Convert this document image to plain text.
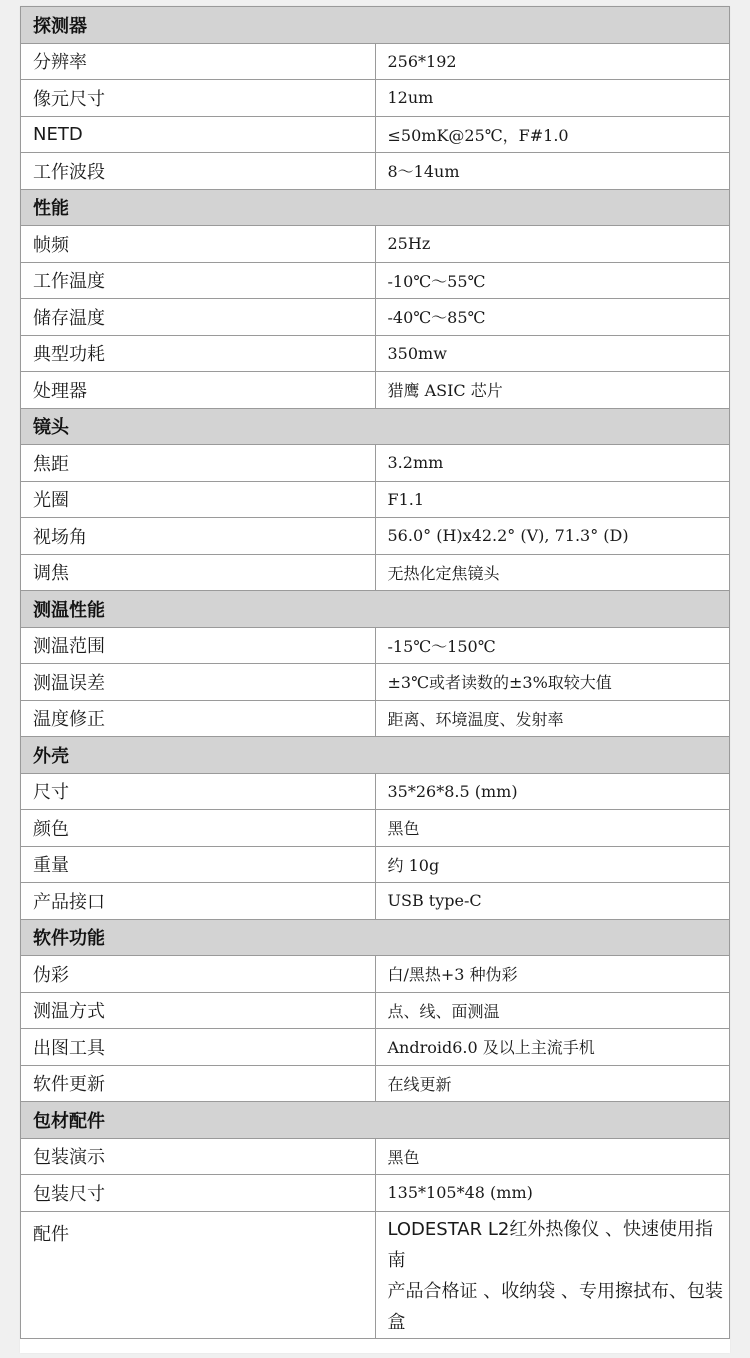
探测器	
分辨率	256*192
像元尺寸	12um
NETD	≤50mK@25℃，F#1.0
工作波段	8～14um
性能	
帧频	25Hz
工作温度	-10℃～55℃
储存温度	-40℃～85℃
典型功耗	350mw
处理器	猎鹰 ASIC 芯片
镜头	
焦距	3.2mm
光圈	F1.1
视场角	56.0° (H)x42.2° (V), 71.3° (D)
调焦	无热化定焦镜头
测温性能	
测温范围	-15℃～150℃
测温误差	±3℃或者读数的±3%取较大值
温度修正	距离、环境温度、发射率
外壳	
尺寸	35*26*8.5 (mm)
颜色	黑色
重量	约 10g
产品接口	USB type-C
软件功能	
伪彩	白/黑热+3 种伪彩
测温方式	点、线、面测温
出图工具	Android6.0 及以上主流手机
软件更新	在线更新
包材配件	
包装演示	黑色
包装尺寸	135*105*48 (mm)
配件	LODESTAR L2红外热像仪 、快速使用指南
产品合格证 、收纳袋 、专用擦拭布、包装盒
